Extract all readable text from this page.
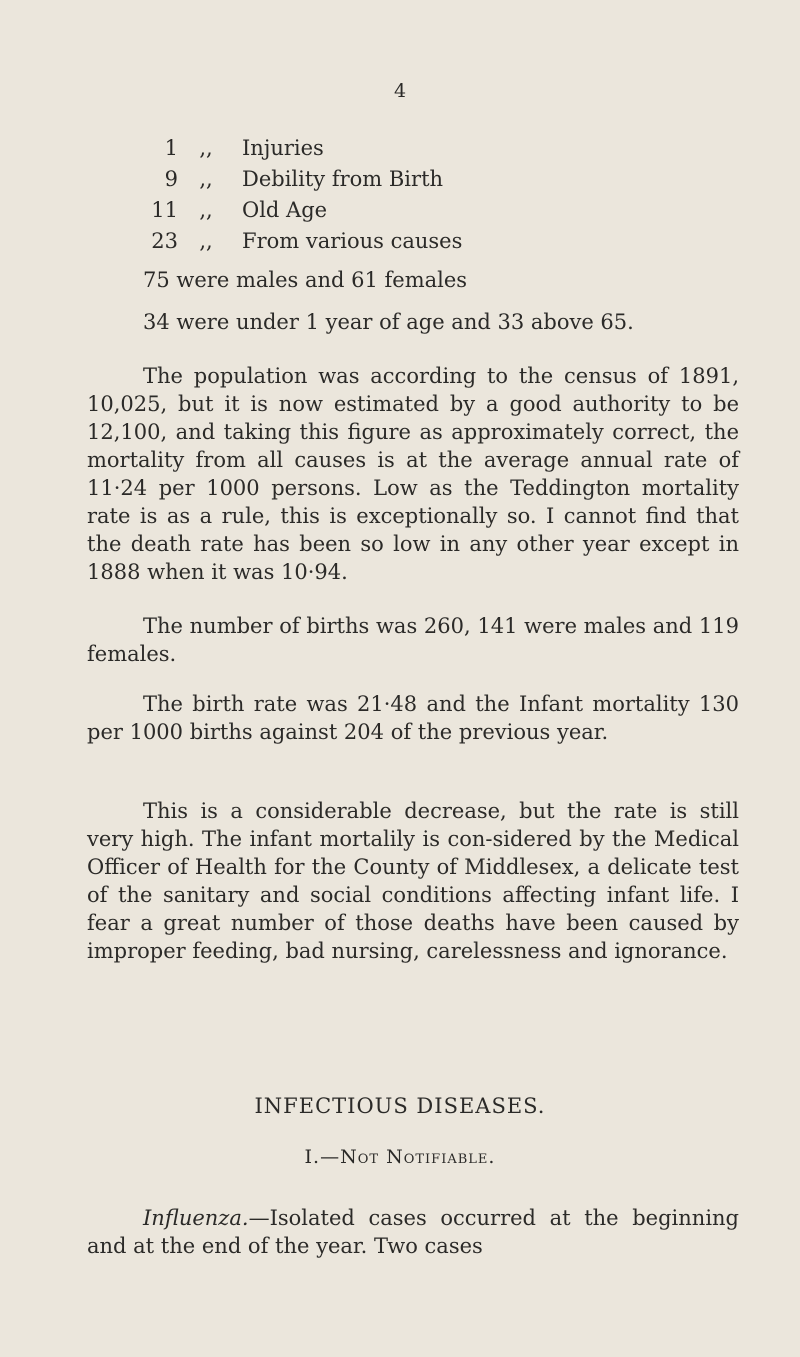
4
1	,,	Injuries
9	,,	Debility from Birth
11	,,	Old Age
23	,,	From various causes
75 were males and 61 females
34 were under 1 year of age and 33 above 65.

The population was according to the census of 1891, 10,025, but it is now estimated by a good authority to be 12,100, and taking this figure as approximately correct, the mortality from all causes is at the average annual rate of 11·24 per 1000 persons. Low as the Teddington mortality rate is as a rule, this is exceptionally so. I cannot find that the death rate has been so low in any other year except in 1888 when it was 10·94.

The number of births was 260, 141 were males and 119 females.

The birth rate was 21·48 and the Infant mortality 130 per 1000 births against 204 of the previous year.

This is a considerable decrease, but the rate is still very high. The infant mortalily is con-sidered by the Medical Officer of Health for the County of Middlesex, a delicate test of the sanitary and social conditions affecting infant life. I fear a great number of those deaths have been caused by improper feeding, bad nursing, carelessness and ignorance.

INFECTIOUS DISEASES.
I.—Not Notifiable.

Influenza.—Isolated cases occurred at the beginning and at the end of the year. Two cases
